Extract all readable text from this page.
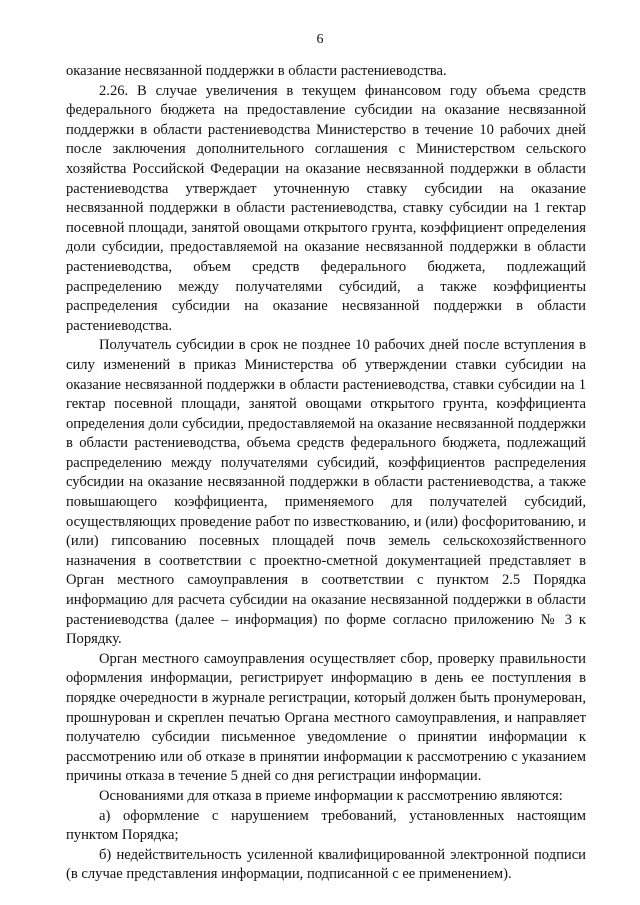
6

оказание несвязанной поддержки в области растениеводства.

2.26. В случае увеличения в текущем финансовом году объема средств федерального бюджета на предоставление субсидии на оказание несвязанной поддержки в области растениеводства Министерство в течение 10 рабочих дней после заключения дополнительного соглашения с Министерством сельского хозяйства Российской Федерации на оказание несвязанной поддержки в области растениеводства утверждает уточненную ставку субсидии на оказание несвязанной поддержки в области растениеводства, ставку субсидии на 1 гектар посевной площади, занятой овощами открытого грунта, коэффициент определения доли субсидии, предоставляемой на оказание несвязанной поддержки в области растениеводства, объем средств федерального бюджета, подлежащий распределению между получателями субсидий, а также коэффициенты распределения субсидии на оказание несвязанной поддержки в области растениеводства.

Получатель субсидии в срок не позднее 10 рабочих дней после вступления в силу изменений в приказ Министерства об утверждении ставки субсидии на оказание несвязанной поддержки в области растениеводства, ставки субсидии на 1 гектар посевной площади, занятой овощами открытого грунта, коэффициента определения доли субсидии, предоставляемой на оказание несвязанной поддержки в области растениеводства, объема средств федерального бюджета, подлежащий распределению между получателями субсидий, коэффициентов распределения субсидии на оказание несвязанной поддержки в области растениеводства, а также повышающего коэффициента, применяемого для получателей субсидий, осуществляющих проведение работ по известкованию, и (или) фосфоритованию, и (или) гипсованию посевных площадей почв земель сельскохозяйственного назначения в соответствии с проектно-сметной документацией представляет в Орган местного самоуправления в соответствии с пунктом 2.5 Порядка информацию для расчета субсидии на оказание несвязанной поддержки в области растениеводства (далее – информация) по форме согласно приложению № 3 к Порядку.

Орган местного самоуправления осуществляет сбор, проверку правильности оформления информации, регистрирует информацию в день ее поступления в порядке очередности в журнале регистрации, который должен быть пронумерован, прошнурован и скреплен печатью Органа местного самоуправления, и направляет получателю субсидии письменное уведомление о принятии информации к рассмотрению или об отказе в принятии информации к рассмотрению с указанием причины отказа в течение 5 дней со дня регистрации информации.

Основаниями для отказа в приеме информации к рассмотрению являются:

а) оформление с нарушением требований, установленных настоящим пунктом Порядка;

б) недействительность усиленной квалифицированной электронной подписи (в случае представления информации, подписанной с ее применением).
